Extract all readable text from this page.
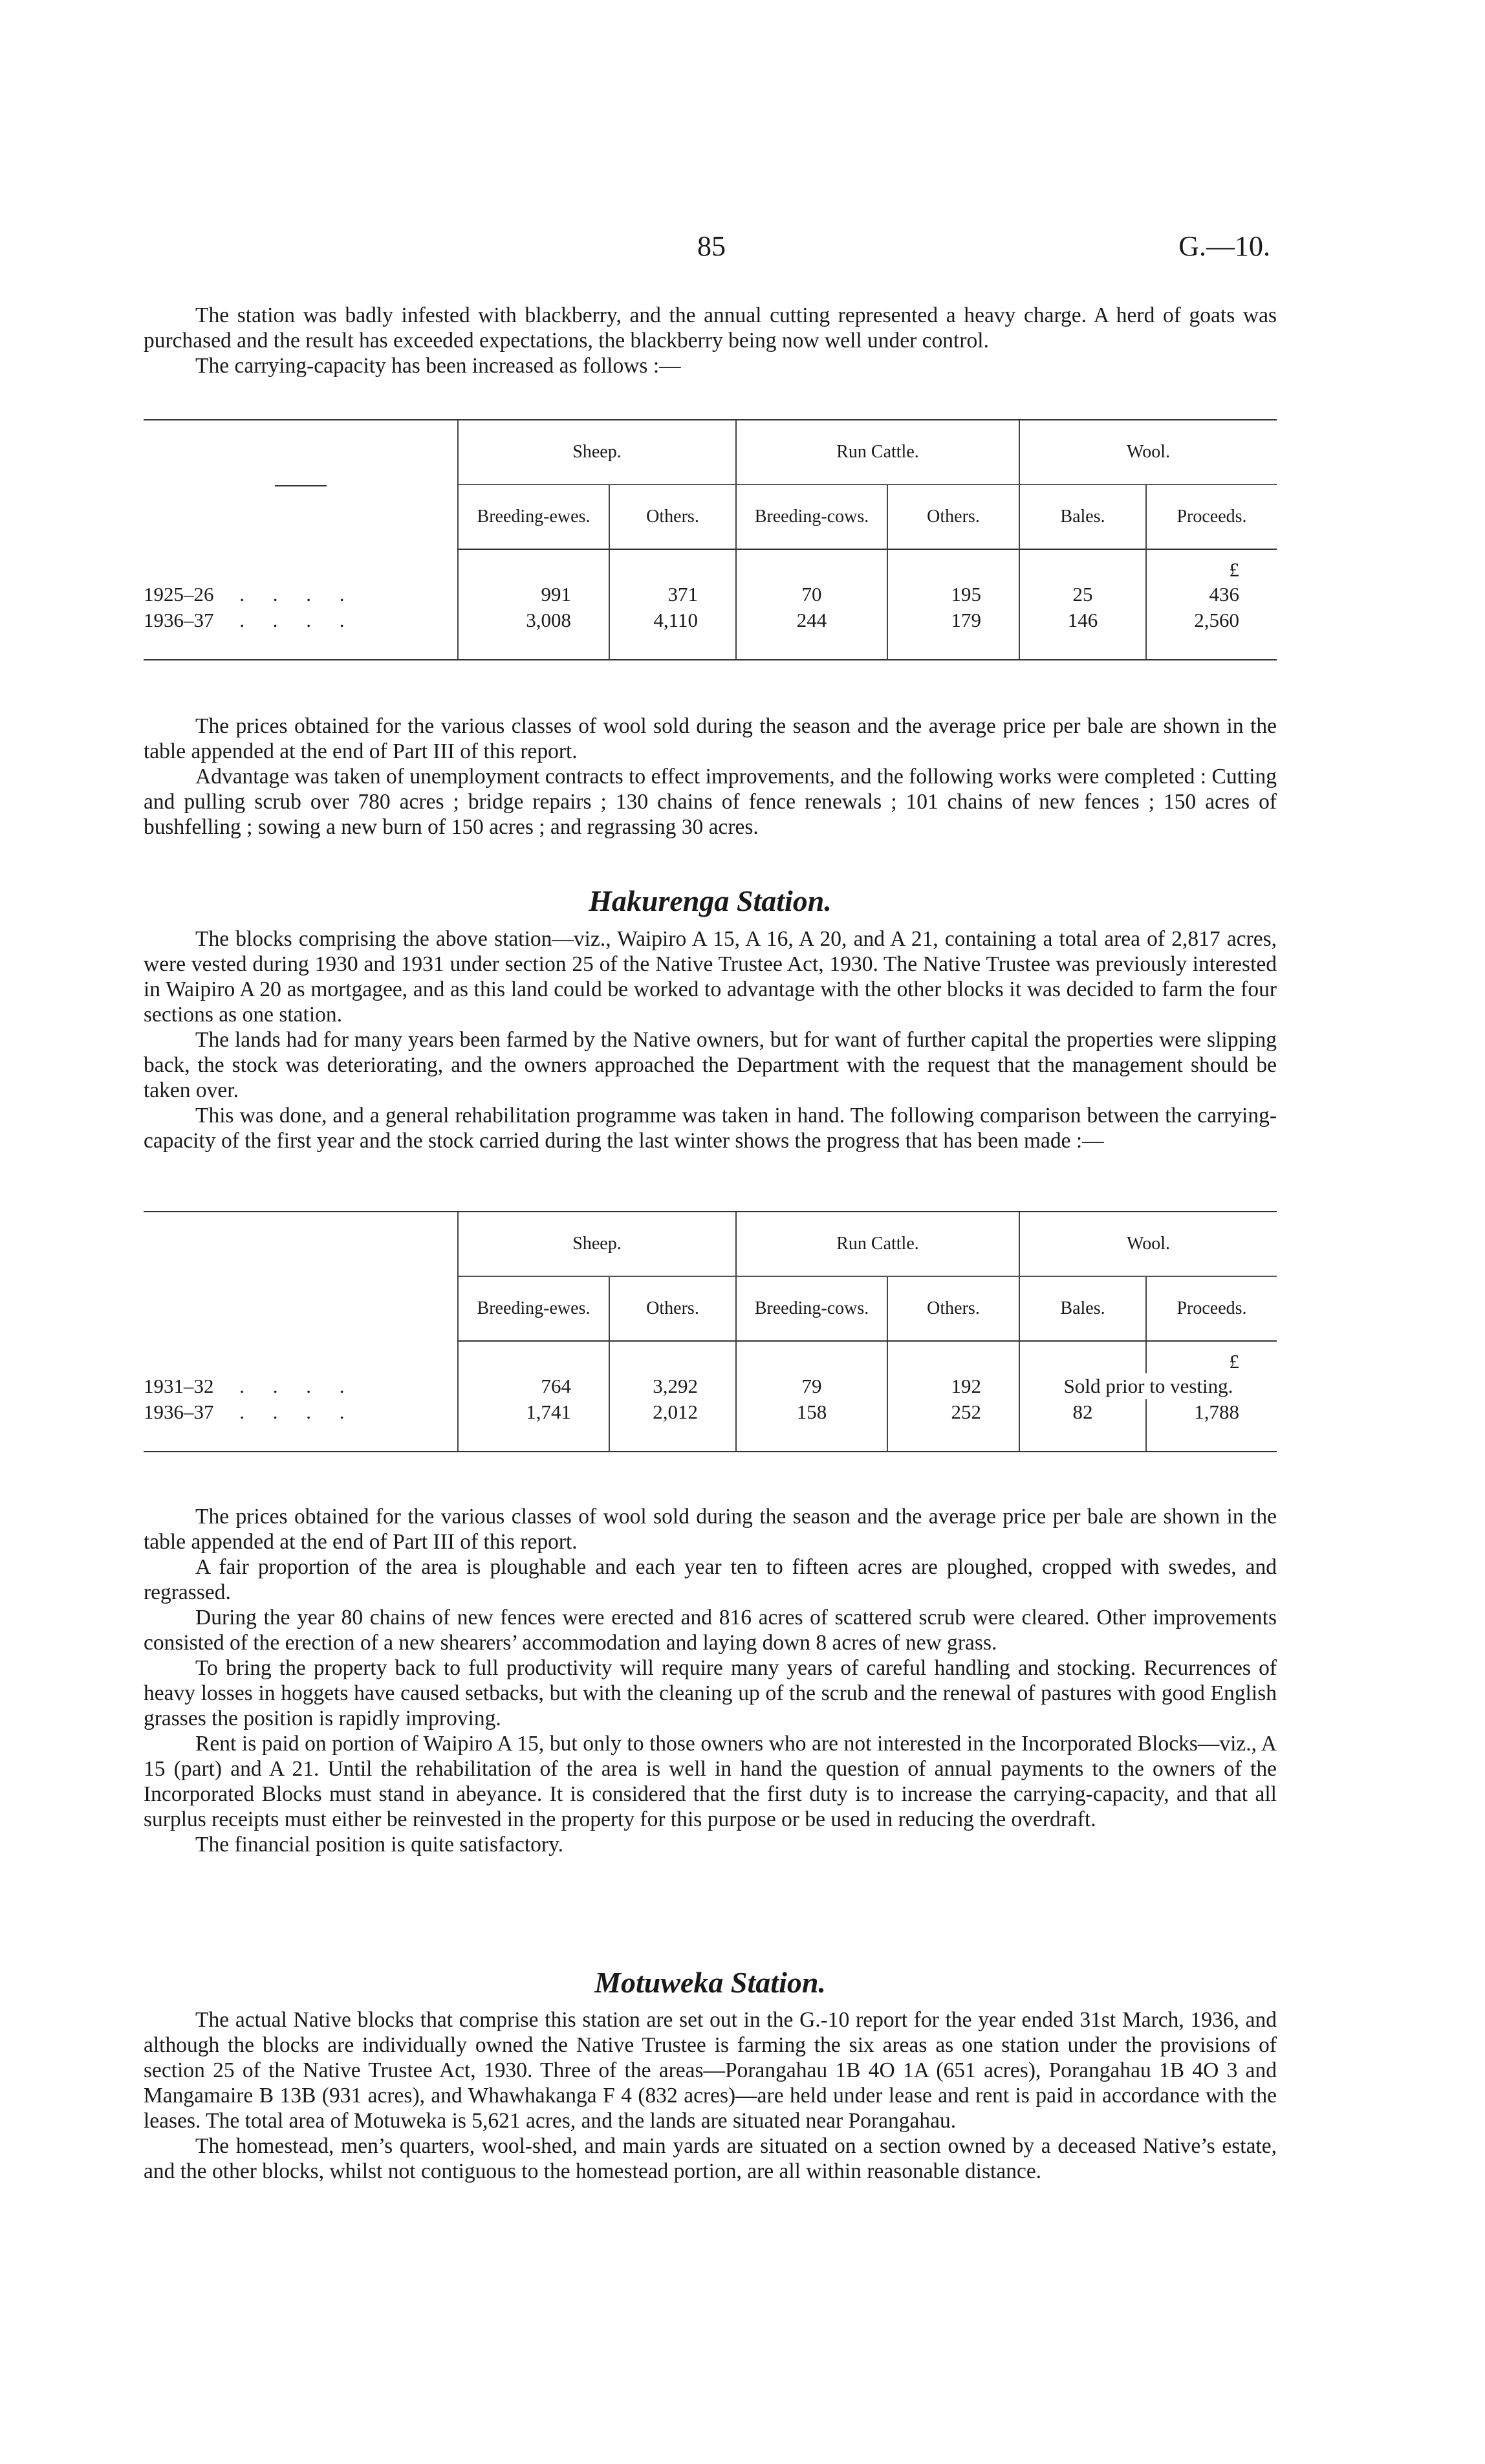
85	G.—10.

The station was badly infested with blackberry, and the annual cutting represented a heavy charge. A herd of goats was purchased and the result has exceeded expectations, the blackberry being now well under control.

The carrying-capacity has been increased as follows :—

	Sheep.		Run Cattle.		Wool.	
	Breeding-ewes.	Others.	Breeding-cows.	Others.	Bales.	Proceeds.
						£
1925–26 . . . .	991	371	70	195	25	436
1936–37 . . . .	3,008	4,110	244	179	146	2,560

The prices obtained for the various classes of wool sold during the season and the average price per bale are shown in the table appended at the end of Part III of this report.

Advantage was taken of unemployment contracts to effect improvements, and the following works were completed : Cutting and pulling scrub over 780 acres ; bridge repairs ; 130 chains of fence renewals ; 101 chains of new fences ; 150 acres of bushfelling ; sowing a new burn of 150 acres ; and regrassing 30 acres.

Hakurenga Station.

The blocks comprising the above station—viz., Waipiro A 15, A 16, A 20, and A 21, containing a total area of 2,817 acres, were vested during 1930 and 1931 under section 25 of the Native Trustee Act, 1930. The Native Trustee was previously interested in Waipiro A 20 as mortgagee, and as this land could be worked to advantage with the other blocks it was decided to farm the four sections as one station.

The lands had for many years been farmed by the Native owners, but for want of further capital the properties were slipping back, the stock was deteriorating, and the owners approached the Department with the request that the management should be taken over.

This was done, and a general rehabilitation programme was taken in hand. The following comparison between the carrying-capacity of the first year and the stock carried during the last winter shows the progress that has been made :—

	Sheep.		Run Cattle.		Wool.	
	Breeding-ewes.	Others.	Breeding-cows.	Others.	Bales.	Proceeds.
						£
1931–32 . . . .	764	3,292	79	192	Sold prior to vesting.	
1936–37 . . . .	1,741	2,012	158	252	82	1,788

The prices obtained for the various classes of wool sold during the season and the average price per bale are shown in the table appended at the end of Part III of this report.

A fair proportion of the area is ploughable and each year ten to fifteen acres are ploughed, cropped with swedes, and regrassed.

During the year 80 chains of new fences were erected and 816 acres of scattered scrub were cleared. Other improvements consisted of the erection of a new shearers’ accommodation and laying down 8 acres of new grass.

To bring the property back to full productivity will require many years of careful handling and stocking. Recurrences of heavy losses in hoggets have caused setbacks, but with the cleaning up of the scrub and the renewal of pastures with good English grasses the position is rapidly improving.

Rent is paid on portion of Waipiro A 15, but only to those owners who are not interested in the Incorporated Blocks—viz., A 15 (part) and A 21. Until the rehabilitation of the area is well in hand the question of annual payments to the owners of the Incorporated Blocks must stand in abeyance. It is considered that the first duty is to increase the carrying-capacity, and that all surplus receipts must either be reinvested in the property for this purpose or be used in reducing the overdraft.

The financial position is quite satisfactory.

Motuweka Station.

The actual Native blocks that comprise this station are set out in the G.-10 report for the year ended 31st March, 1936, and although the blocks are individually owned the Native Trustee is farming the six areas as one station under the provisions of section 25 of the Native Trustee Act, 1930. Three of the areas—Porangahau 1B 4O 1A (651 acres), Porangahau 1B 4O 3 and Mangamaire B 13B (931 acres), and Whawhakanga F 4 (832 acres)—are held under lease and rent is paid in accordance with the leases. The total area of Motuweka is 5,621 acres, and the lands are situated near Porangahau.

The homestead, men’s quarters, wool-shed, and main yards are situated on a section owned by a deceased Native’s estate, and the other blocks, whilst not contiguous to the homestead portion, are all within reasonable distance.
